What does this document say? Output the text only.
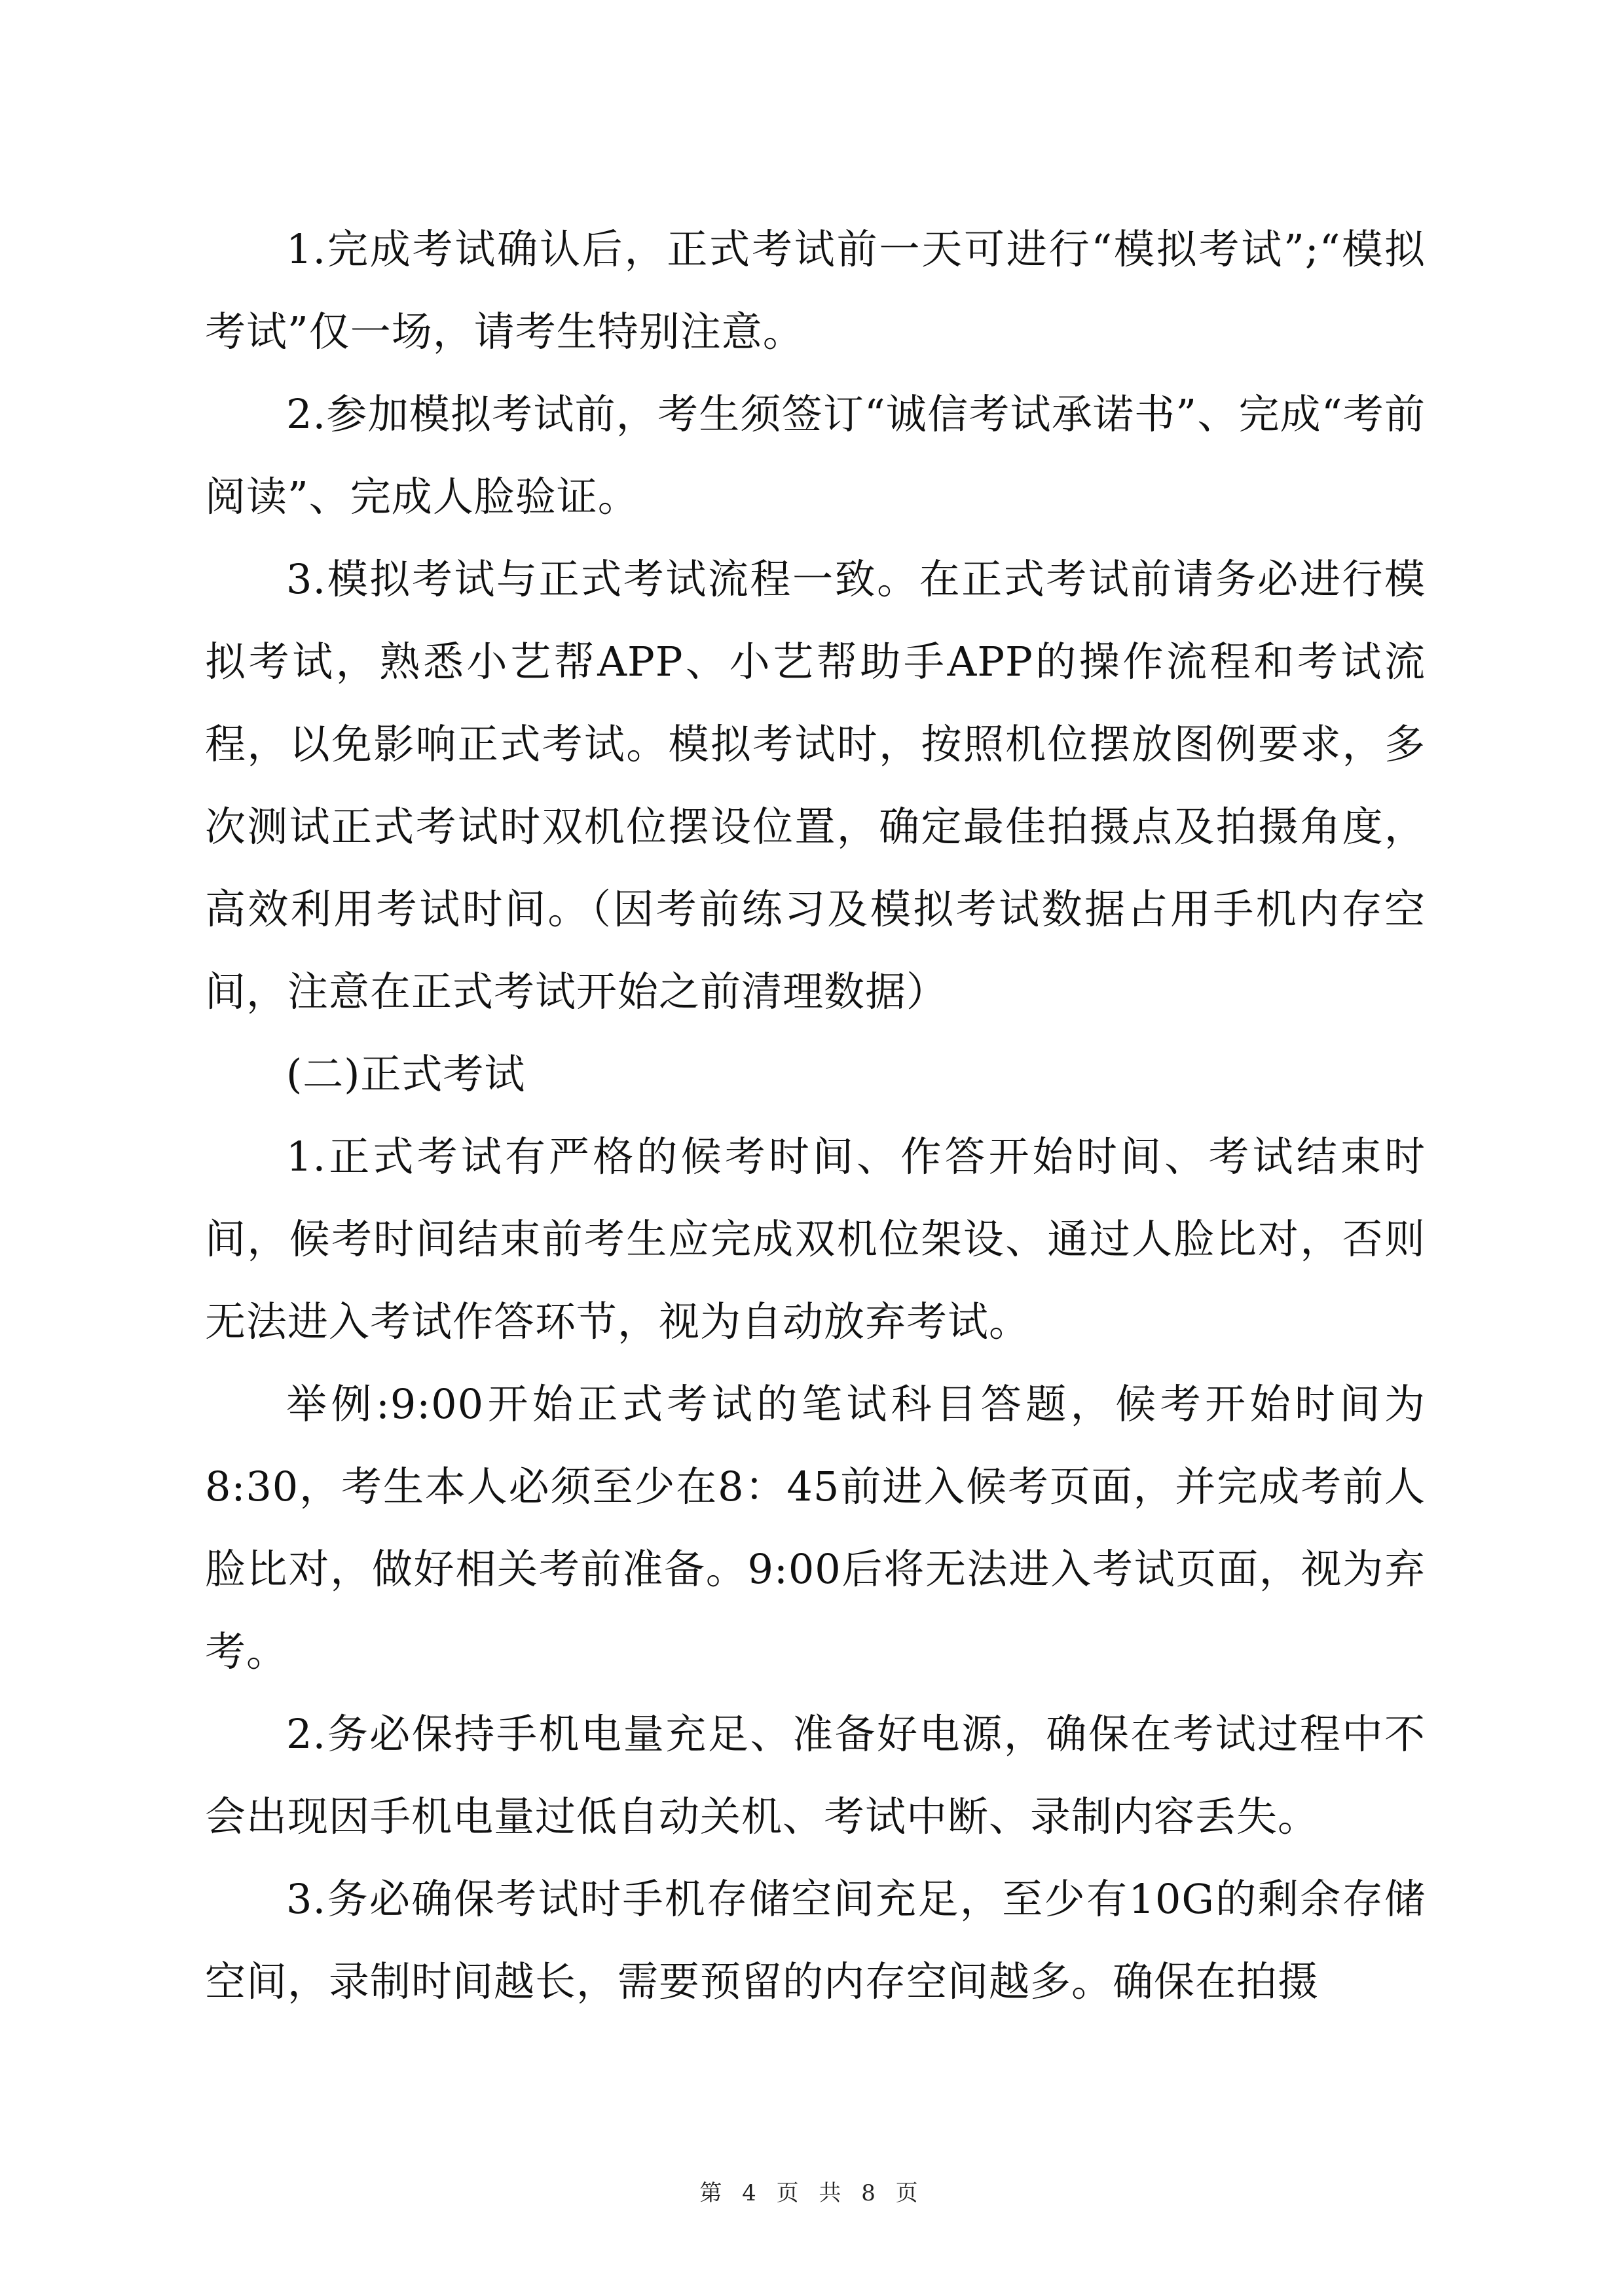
1.完成考试确认后，正式考试前一天可进行“模拟考试”;“模拟考试”仅一场，请考生特别注意。

2.参加模拟考试前，考生须签订“诚信考试承诺书”、完成“考前阅读”、完成人脸验证。

3.模拟考试与正式考试流程一致。在正式考试前请务必进行模拟考试，熟悉小艺帮APP、小艺帮助手APP的操作流程和考试流程，以免影响正式考试。模拟考试时，按照机位摆放图例要求，多次测试正式考试时双机位摆设位置，确定最佳拍摄点及拍摄角度，高效利用考试时间。（因考前练习及模拟考试数据占用手机内存空间，注意在正式考试开始之前清理数据）

(二)正式考试

1.正式考试有严格的候考时间、作答开始时间、考试结束时间，候考时间结束前考生应完成双机位架设、通过人脸比对，否则无法进入考试作答环节，视为自动放弃考试。

举例:9:00开始正式考试的笔试科目答题，候考开始时间为8:30，考生本人必须至少在8：45前进入候考页面，并完成考前人脸比对，做好相关考前准备。9:00后将无法进入考试页面，视为弃考。

2.务必保持手机电量充足、准备好电源，确保在考试过程中不会出现因手机电量过低自动关机、考试中断、录制内容丢失。

3.务必确保考试时手机存储空间充足，至少有10G的剩余存储空间，录制时间越长，需要预留的内存空间越多。确保在拍摄

第 4 页 共 8 页
